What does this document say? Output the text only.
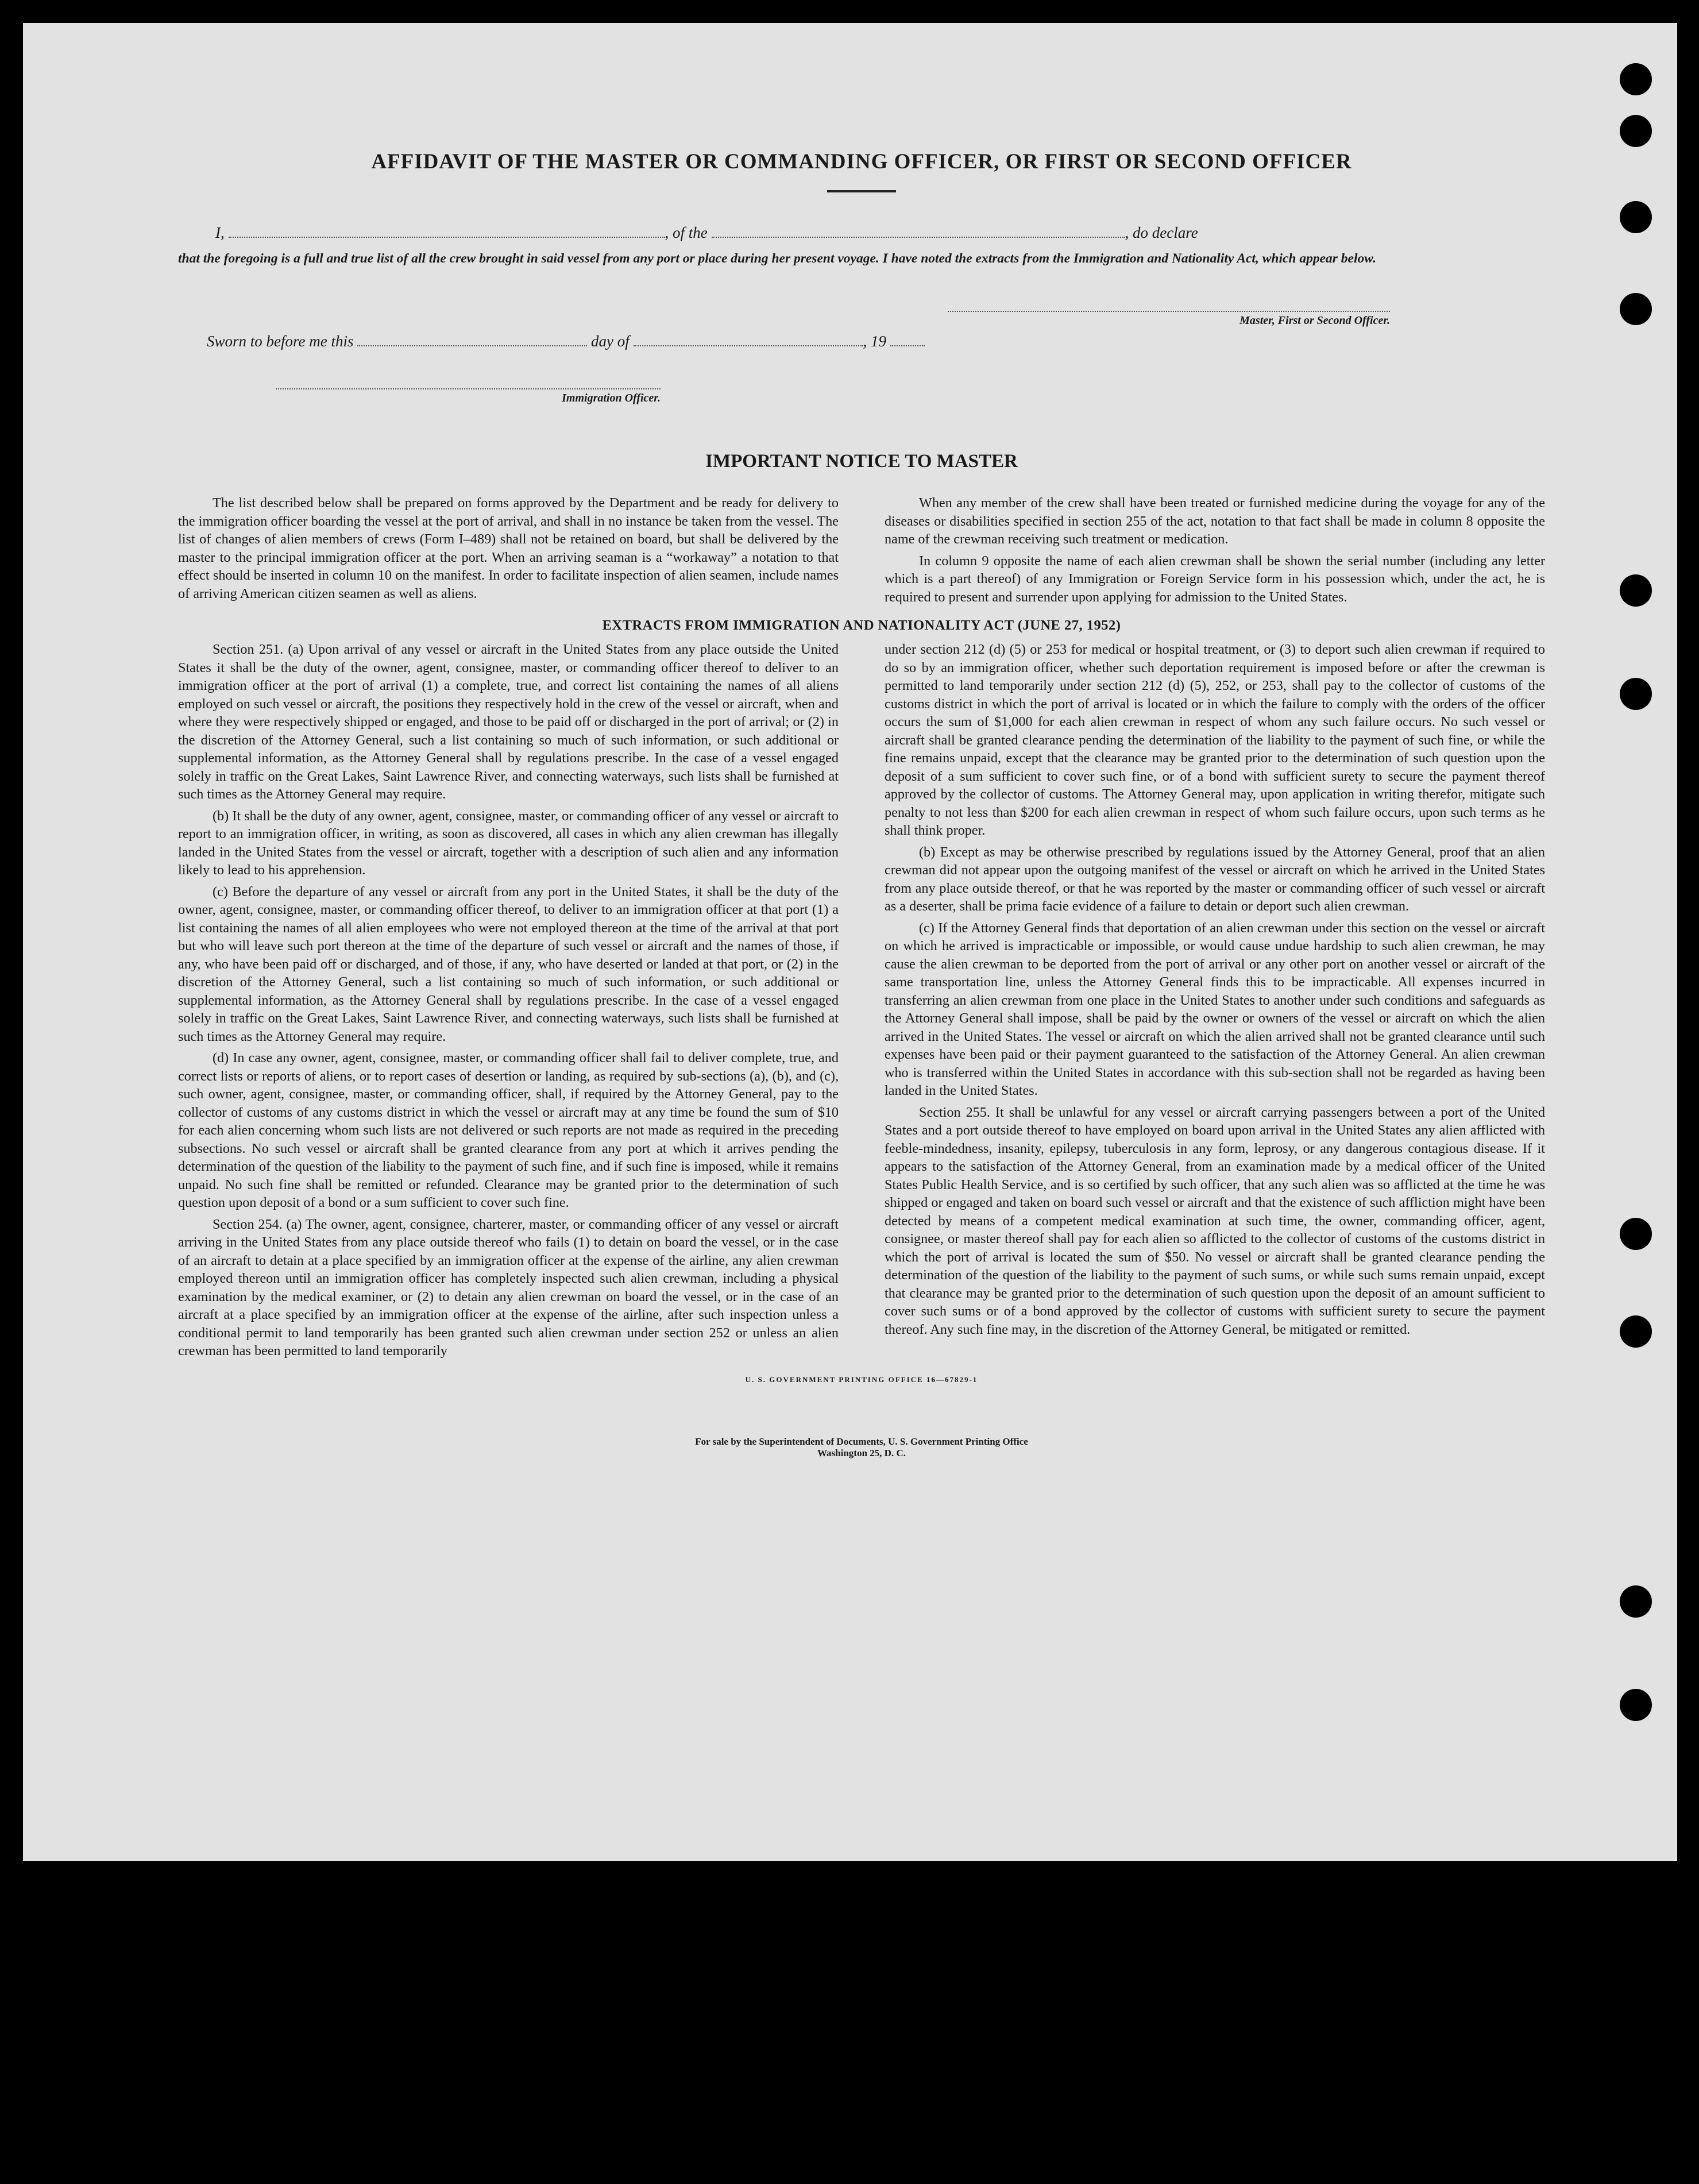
AFFIDAVIT OF THE MASTER OR COMMANDING OFFICER, OR FIRST OR SECOND OFFICER
I,	, of the	, do declare
that the foregoing is a full and true list of all the crew brought in said vessel from any port or place during her present voyage. I have noted the extracts from the Immigration and Nationality Act, which appear below.
Master, First or Second Officer.
Sworn to before me this	day of	, 19
Immigration Officer.
IMPORTANT NOTICE TO MASTER

The list described below shall be prepared on forms approved by the Department and be ready for delivery to the immigration officer boarding the vessel at the port of arrival, and shall in no instance be taken from the vessel. The list of changes of alien members of crews (Form I–489) shall not be retained on board, but shall be delivered by the master to the principal immigration officer at the port. When an arriving seaman is a “workaway” a notation to that effect should be inserted in column 10 on the manifest. In order to facilitate inspection of alien seamen, include names of arriving American citizen seamen as well as aliens.

When any member of the crew shall have been treated or furnished medicine during the voyage for any of the diseases or disabilities specified in section 255 of the act, notation to that fact shall be made in column 8 opposite the name of the crewman receiving such treatment or medication.

In column 9 opposite the name of each alien crewman shall be shown the serial number (including any letter which is a part thereof) of any Immigration or Foreign Service form in his possession which, under the act, he is required to present and surrender upon applying for admission to the United States.

EXTRACTS FROM IMMIGRATION AND NATIONALITY ACT (JUNE 27, 1952)

Section 251. (a) Upon arrival of any vessel or aircraft in the United States from any place outside the United States it shall be the duty of the owner, agent, consignee, master, or commanding officer thereof to deliver to an immigration officer at the port of arrival (1) a complete, true, and correct list containing the names of all aliens employed on such vessel or aircraft, the positions they respectively hold in the crew of the vessel or aircraft, when and where they were respectively shipped or engaged, and those to be paid off or discharged in the port of arrival; or (2) in the discretion of the Attorney General, such a list containing so much of such information, or such additional or supplemental information, as the Attorney General shall by regulations prescribe. In the case of a vessel engaged solely in traffic on the Great Lakes, Saint Lawrence River, and connecting waterways, such lists shall be furnished at such times as the Attorney General may require.

(b) It shall be the duty of any owner, agent, consignee, master, or commanding officer of any vessel or aircraft to report to an immigration officer, in writing, as soon as discovered, all cases in which any alien crewman has illegally landed in the United States from the vessel or aircraft, together with a description of such alien and any information likely to lead to his apprehension.

(c) Before the departure of any vessel or aircraft from any port in the United States, it shall be the duty of the owner, agent, consignee, master, or commanding officer thereof, to deliver to an immigration officer at that port (1) a list containing the names of all alien employees who were not employed thereon at the time of the arrival at that port but who will leave such port thereon at the time of the departure of such vessel or aircraft and the names of those, if any, who have been paid off or discharged, and of those, if any, who have deserted or landed at that port, or (2) in the discretion of the Attorney General, such a list containing so much of such information, or such additional or supplemental information, as the Attorney General shall by regulations prescribe. In the case of a vessel engaged solely in traffic on the Great Lakes, Saint Lawrence River, and connecting waterways, such lists shall be furnished at such times as the Attorney General may require.

(d) In case any owner, agent, consignee, master, or commanding officer shall fail to deliver complete, true, and correct lists or reports of aliens, or to report cases of desertion or landing, as required by sub-sections (a), (b), and (c), such owner, agent, consignee, master, or commanding officer, shall, if required by the Attorney General, pay to the collector of customs of any customs district in which the vessel or aircraft may at any time be found the sum of $10 for each alien concerning whom such lists are not delivered or such reports are not made as required in the preceding subsections. No such vessel or aircraft shall be granted clearance from any port at which it arrives pending the determination of the question of the liability to the payment of such fine, and if such fine is imposed, while it remains unpaid. No such fine shall be remitted or refunded. Clearance may be granted prior to the determination of such question upon deposit of a bond or a sum sufficient to cover such fine.

Section 254. (a) The owner, agent, consignee, charterer, master, or commanding officer of any vessel or aircraft arriving in the United States from any place outside thereof who fails (1) to detain on board the vessel, or in the case of an aircraft to detain at a place specified by an immigration officer at the expense of the airline, any alien crewman employed thereon until an immigration officer has completely inspected such alien crewman, including a physical examination by the medical examiner, or (2) to detain any alien crewman on board the vessel, or in the case of an aircraft at a place specified by an immigration officer at the expense of the airline, after such inspection unless a conditional permit to land temporarily has been granted such alien crewman under section 252 or unless an alien crewman has been permitted to land temporarily

under section 212 (d) (5) or 253 for medical or hospital treatment, or (3) to deport such alien crewman if required to do so by an immigration officer, whether such deportation requirement is imposed before or after the crewman is permitted to land temporarily under section 212 (d) (5), 252, or 253, shall pay to the collector of customs of the customs district in which the port of arrival is located or in which the failure to comply with the orders of the officer occurs the sum of $1,000 for each alien crewman in respect of whom any such failure occurs. No such vessel or aircraft shall be granted clearance pending the determination of the liability to the payment of such fine, or while the fine remains unpaid, except that the clearance may be granted prior to the determination of such question upon the deposit of a sum sufficient to cover such fine, or of a bond with sufficient surety to secure the payment thereof approved by the collector of customs. The Attorney General may, upon application in writing therefor, mitigate such penalty to not less than $200 for each alien crewman in respect of whom such failure occurs, upon such terms as he shall think proper.

(b) Except as may be otherwise prescribed by regulations issued by the Attorney General, proof that an alien crewman did not appear upon the outgoing manifest of the vessel or aircraft on which he arrived in the United States from any place outside thereof, or that he was reported by the master or commanding officer of such vessel or aircraft as a deserter, shall be prima facie evidence of a failure to detain or deport such alien crewman.

(c) If the Attorney General finds that deportation of an alien crewman under this section on the vessel or aircraft on which he arrived is impracticable or impossible, or would cause undue hardship to such alien crewman, he may cause the alien crewman to be deported from the port of arrival or any other port on another vessel or aircraft of the same transportation line, unless the Attorney General finds this to be impracticable. All expenses incurred in transferring an alien crewman from one place in the United States to another under such conditions and safeguards as the Attorney General shall impose, shall be paid by the owner or owners of the vessel or aircraft on which the alien arrived in the United States. The vessel or aircraft on which the alien arrived shall not be granted clearance until such expenses have been paid or their payment guaranteed to the satisfaction of the Attorney General. An alien crewman who is transferred within the United States in accordance with this sub-section shall not be regarded as having been landed in the United States.

Section 255. It shall be unlawful for any vessel or aircraft carrying passengers between a port of the United States and a port outside thereof to have employed on board upon arrival in the United States any alien afflicted with feeble-mindedness, insanity, epilepsy, tuberculosis in any form, leprosy, or any dangerous contagious disease. If it appears to the satisfaction of the Attorney General, from an examination made by a medical officer of the United States Public Health Service, and is so certified by such officer, that any such alien was so afflicted at the time he was shipped or engaged and taken on board such vessel or aircraft and that the existence of such affliction might have been detected by means of a competent medical examination at such time, the owner, commanding officer, agent, consignee, or master thereof shall pay for each alien so afflicted to the collector of customs of the customs district in which the port of arrival is located the sum of $50. No vessel or aircraft shall be granted clearance pending the determination of the question of the liability to the payment of such sums, or while such sums remain unpaid, except that clearance may be granted prior to the determination of such question upon the deposit of an amount sufficient to cover such sums or of a bond approved by the collector of customs with sufficient surety to secure the payment thereof. Any such fine may, in the discretion of the Attorney General, be mitigated or remitted.

U. S. GOVERNMENT PRINTING OFFICE 16—67829-1
For sale by the Superintendent of Documents, U. S. Government Printing Office
Washington 25, D. C.
